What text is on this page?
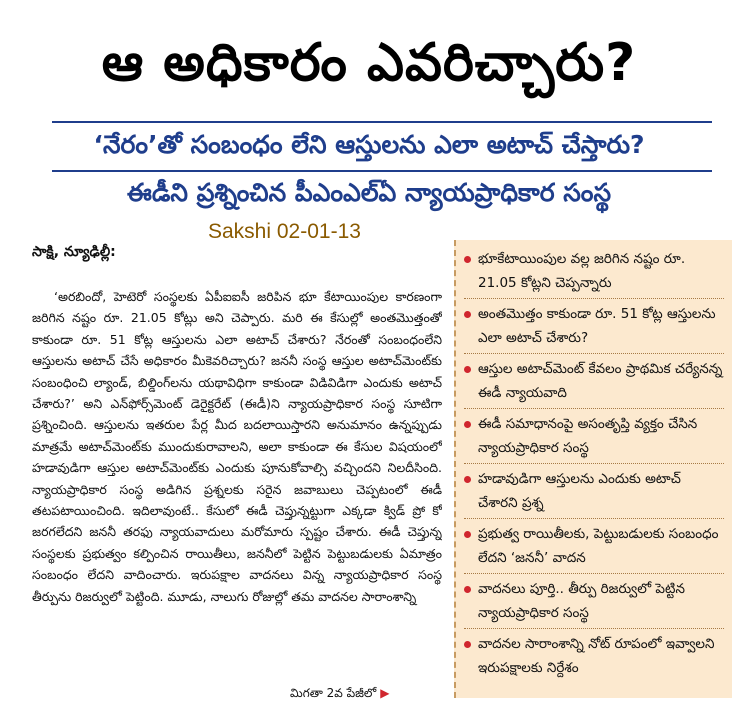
ఆ అధికారం ఎవరిచ్చారు?
‘నేరం’తో సంబంధం లేని ఆస్తులను ఎలా అటాచ్ చేస్తారు?
ఈడీని ప్రశ్నించిన పీఎంఎల్‌ఏ న్యాయప్రాధికార సంస్థ
Sakshi 02-01-13
సాక్షి, న్యూఢిల్లీ:

‘అరబిందో, హెటెరో సంస్థలకు ఏపీఐఐసీ జరిపిన భూ కేటాయింపుల కారణంగా జరిగిన నష్టం రూ. 21.05 కోట్లు అని చెప్పారు. మరి ఈ కేసుల్లో అంతమొత్తంతో కాకుండా రూ. 51 కోట్ల ఆస్తులను ఎలా అటాచ్ చేశారు? నేరంతో సంబంధంలేని ఆస్తులను అటాచ్ చేసే అధికారం మీకెవరిచ్చారు? జననీ సంస్థ ఆస్తుల అటాచ్‌మెంట్‌కు సంబంధించి ల్యాండ్, బిల్డింగ్‌లను యథావిధిగా కాకుండా విడివిడిగా ఎందుకు అటాచ్ చేశారు?’ అని ఎన్‌ఫోర్స్‌మెంట్ డెరైక్టరేట్ (ఈడీ)ని న్యాయప్రాధికార సంస్థ సూటిగా ప్రశ్నించింది. ఆస్తులను ఇతరుల పేర్ల మీద బదలాయిస్తారని అనుమానం ఉన్నప్పుడు మాత్రమే అటాచ్‌మెంట్‌కు ముందుకురావాలని, అలా కాకుండా ఈ కేసుల విషయంలో హడావుడిగా ఆస్తుల అటాచ్‌మెంట్‌కు ఎందుకు పూనుకోవాల్సి వచ్చిందని నిలదీసింది. న్యాయప్రాధికార సంస్థ అడిగిన ప్రశ్నలకు సరైన జవాబులు చెప్పటంలో ఈడీ తటపటాయించింది. ఇదిలావుంటే.. కేసులో ఈడీ చెప్తున్నట్టుగా ఎక్కడా క్విడ్ ప్రో కో జరగలేదని జననీ తరఫు న్యాయవాదులు మరోమారు స్పష్టం చేశారు. ఈడీ చెప్తున్న సంస్థలకు ప్రభుత్వం కల్పించిన రాయితీలు, జననీలో పెట్టిన పెట్టుబడులకు ఏమాత్రం సంబంధం లేదని వాదించారు. ఇరుపక్షాల వాదనలు విన్న న్యాయప్రాధికార సంస్థ తీర్పును రిజర్వులో పెట్టింది. మూడు, నాలుగు రోజుల్లో తమ వాదనల సారాంశాన్ని

మిగతా 2వ పేజీలో ▶
భూకేటాయింపుల వల్ల జరిగిన నష్టం రూ. 21.05 కోట్లని చెప్పన్నారు
అంతమొత్తం కాకుండా రూ. 51 కోట్ల ఆస్తులను ఎలా అటాచ్ చేశారు?
ఆస్తుల అటాచ్‌మెంట్ కేవలం ప్రాథమిక చర్యేనన్న ఈడీ న్యాయవాది
ఈడీ సమాధానంపై అసంతృప్తి వ్యక్తం చేసిన న్యాయప్రాధికార సంస్థ
హడావుడిగా ఆస్తులను ఎందుకు అటాచ్ చేశారని ప్రశ్న
ప్రభుత్వ రాయితీలకు, పెట్టుబడులకు సంబంధం లేదని ‘జననీ’ వాదన
వాదనలు పూర్తి.. తీర్పు రిజర్వులో పెట్టిన న్యాయప్రాధికార సంస్థ
వాదనల సారాంశాన్ని నోట్ రూపంలో ఇవ్వాలని ఇరుపక్షాలకు నిర్దేశం
